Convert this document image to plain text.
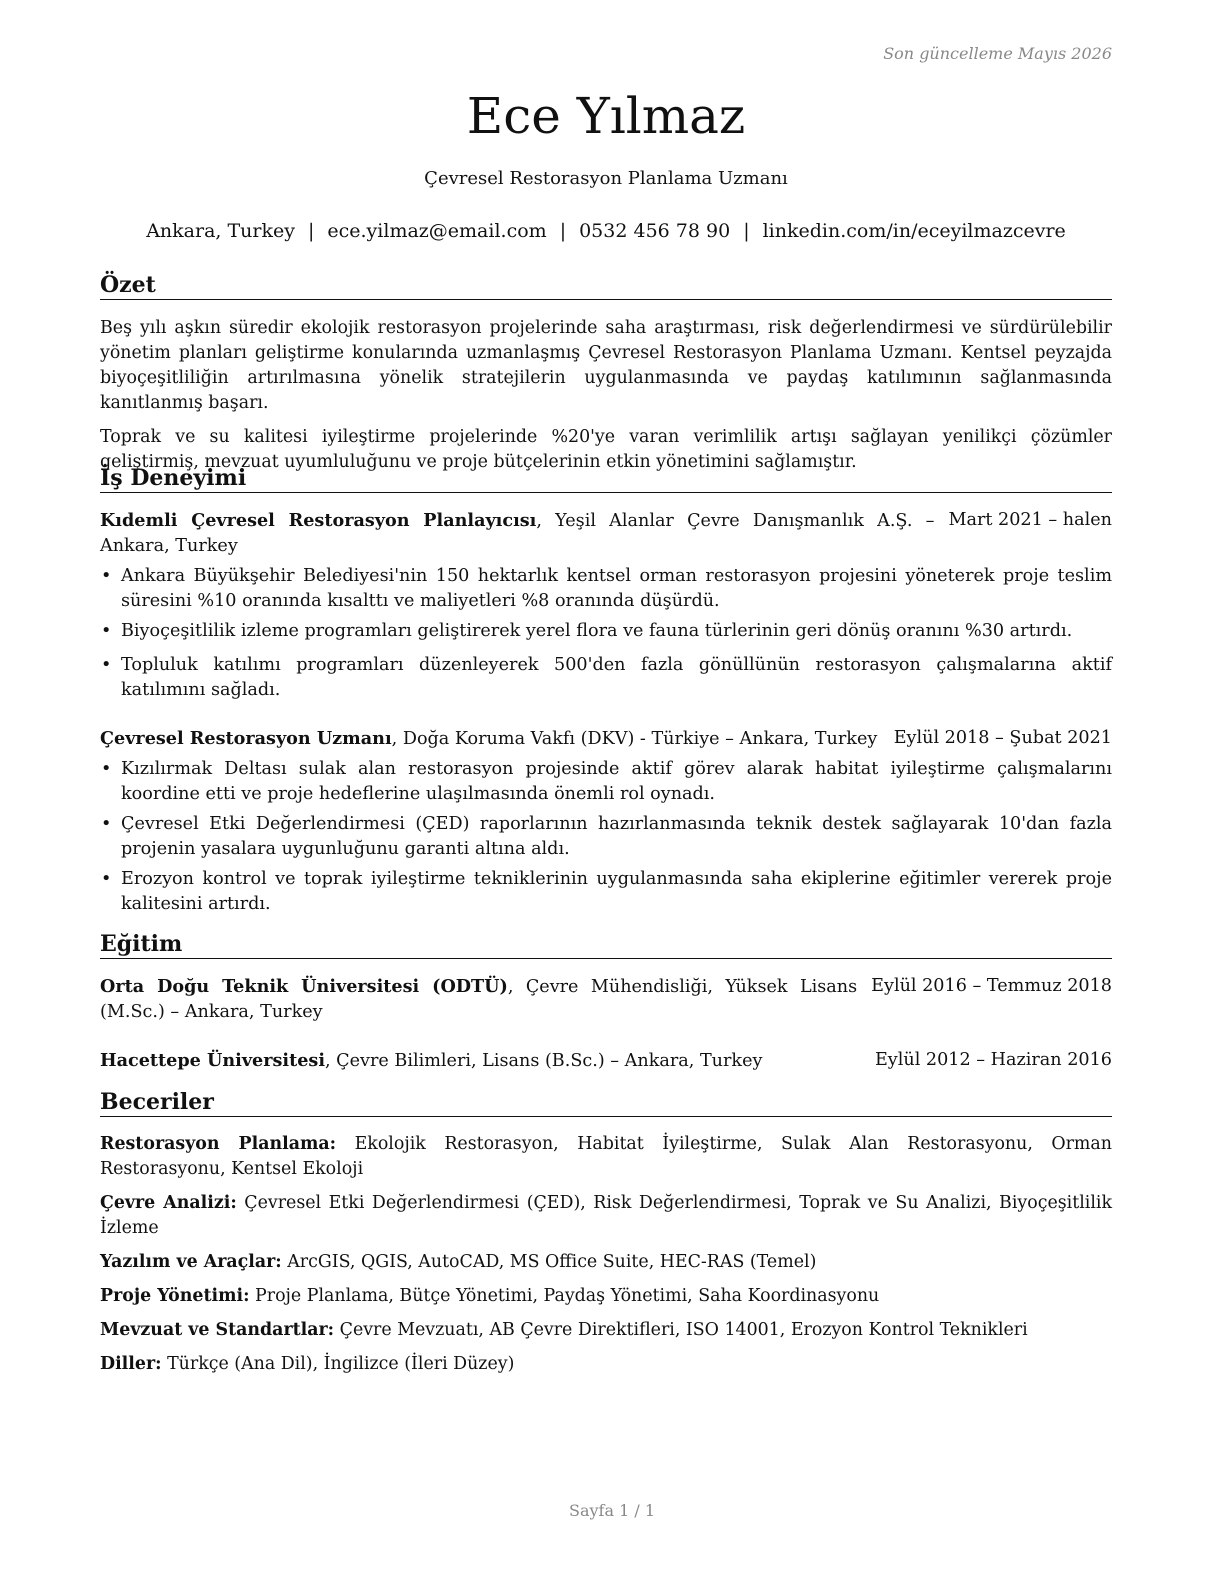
Son güncelleme Mayıs 2026
Ece Yılmaz
Çevresel Restorasyon Planlama Uzmanı
Ankara, Turkey | ece.yilmaz@email.com | 0532 456 78 90 | linkedin.com/in/eceyilmazcevre
Özet

Beş yılı aşkın süredir ekolojik restorasyon projelerinde saha araştırması, risk değerlendirmesi ve sürdürülebilir yönetim planları geliştirme konularında uzmanlaşmış Çevresel Restorasyon Planlama Uzmanı. Kentsel peyzajda biyoçeşitliliğin artırılmasına yönelik stratejilerin uygulanmasında ve paydaş katılımının sağlanmasında kanıtlanmış başarı.

Toprak ve su kalitesi iyileştirme projelerinde %20'ye varan verimlilik artışı sağlayan yenilikçi çözümler geliştirmiş, mevzuat uyumluluğunu ve proje bütçelerinin etkin yönetimini sağlamıştır.

İş Deneyimi
Kıdemli Çevresel Restorasyon Planlayıcısı, Yeşil Alanlar Çevre Danışmanlık A.Ş. – Ankara, Turkey
Mart 2021 – halen
• Ankara Büyükşehir Belediyesi'nin 150 hektarlık kentsel orman restorasyon projesini yöneterek proje teslim süresini %10 oranında kısalttı ve maliyetleri %8 oranında düşürdü.
• Biyoçeşitlilik izleme programları geliştirerek yerel flora ve fauna türlerinin geri dönüş oranını %30 artırdı.
• Topluluk katılımı programları düzenleyerek 500'den fazla gönüllünün restorasyon çalışmalarına aktif katılımını sağladı.
Çevresel Restorasyon Uzmanı, Doğa Koruma Vakfı (DKV) - Türkiye – Ankara, Turkey Eylül 2018 – Şubat 2021
• Kızılırmak Deltası sulak alan restorasyon projesinde aktif görev alarak habitat iyileştirme çalışmalarını koordine etti ve proje hedeflerine ulaşılmasında önemli rol oynadı.
• Çevresel Etki Değerlendirmesi (ÇED) raporlarının hazırlanmasında teknik destek sağlayarak 10'dan fazla projenin yasalara uygunluğunu garanti altına aldı.
• Erozyon kontrol ve toprak iyileştirme tekniklerinin uygulanmasında saha ekiplerine eğitimler vererek proje kalitesini artırdı.
Eğitim
Orta Doğu Teknik Üniversitesi (ODTÜ), Çevre Mühendisliği, Yüksek Lisans (M.Sc.) – Ankara, Turkey
Eylül 2016 – Temmuz 2018
Hacettepe Üniversitesi, Çevre Bilimleri, Lisans (B.Sc.) – Ankara, Turkey	Eylül 2012 – Haziran 2016
Beceriler

Restorasyon Planlama: Ekolojik Restorasyon, Habitat İyileştirme, Sulak Alan Restorasyonu, Orman Restorasyonu, Kentsel Ekoloji

Çevre Analizi: Çevresel Etki Değerlendirmesi (ÇED), Risk Değerlendirmesi, Toprak ve Su Analizi, Biyoçeşitlilik İzleme

Yazılım ve Araçlar: ArcGIS, QGIS, AutoCAD, MS Office Suite, HEC-RAS (Temel)

Proje Yönetimi: Proje Planlama, Bütçe Yönetimi, Paydaş Yönetimi, Saha Koordinasyonu

Mevzuat ve Standartlar: Çevre Mevzuatı, AB Çevre Direktifleri, ISO 14001, Erozyon Kontrol Teknikleri

Diller: Türkçe (Ana Dil), İngilizce (İleri Düzey)

Sayfa 1 / 1
